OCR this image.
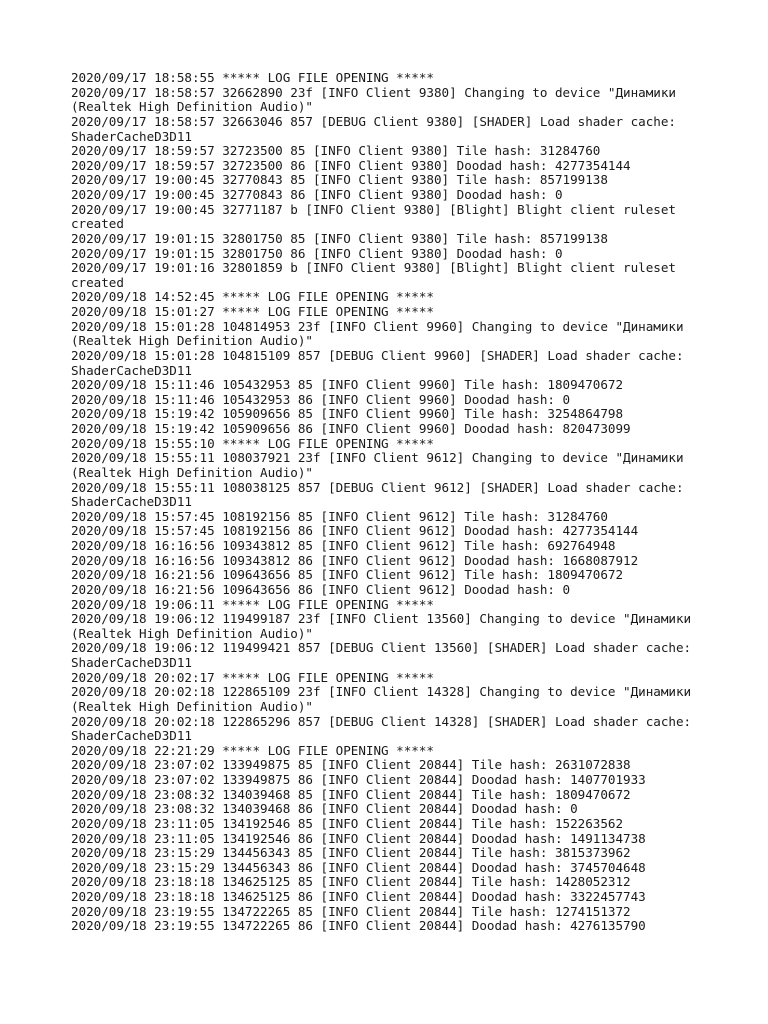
2020/09/17 18:58:55 ***** LOG FILE OPENING *****
2020/09/17 18:58:57 32662890 23f [INFO Client 9380] Changing to device "Динамики
(Realtek High Definition Audio)"
2020/09/17 18:58:57 32663046 857 [DEBUG Client 9380] [SHADER] Load shader cache:
ShaderCacheD3D11
2020/09/17 18:59:57 32723500 85 [INFO Client 9380] Tile hash: 31284760
2020/09/17 18:59:57 32723500 86 [INFO Client 9380] Doodad hash: 4277354144
2020/09/17 19:00:45 32770843 85 [INFO Client 9380] Tile hash: 857199138
2020/09/17 19:00:45 32770843 86 [INFO Client 9380] Doodad hash: 0
2020/09/17 19:00:45 32771187 b [INFO Client 9380] [Blight] Blight client ruleset
created
2020/09/17 19:01:15 32801750 85 [INFO Client 9380] Tile hash: 857199138
2020/09/17 19:01:15 32801750 86 [INFO Client 9380] Doodad hash: 0
2020/09/17 19:01:16 32801859 b [INFO Client 9380] [Blight] Blight client ruleset
created
2020/09/18 14:52:45 ***** LOG FILE OPENING *****
2020/09/18 15:01:27 ***** LOG FILE OPENING *****
2020/09/18 15:01:28 104814953 23f [INFO Client 9960] Changing to device "Динамики
(Realtek High Definition Audio)"
2020/09/18 15:01:28 104815109 857 [DEBUG Client 9960] [SHADER] Load shader cache:
ShaderCacheD3D11
2020/09/18 15:11:46 105432953 85 [INFO Client 9960] Tile hash: 1809470672
2020/09/18 15:11:46 105432953 86 [INFO Client 9960] Doodad hash: 0
2020/09/18 15:19:42 105909656 85 [INFO Client 9960] Tile hash: 3254864798
2020/09/18 15:19:42 105909656 86 [INFO Client 9960] Doodad hash: 820473099
2020/09/18 15:55:10 ***** LOG FILE OPENING *****
2020/09/18 15:55:11 108037921 23f [INFO Client 9612] Changing to device "Динамики
(Realtek High Definition Audio)"
2020/09/18 15:55:11 108038125 857 [DEBUG Client 9612] [SHADER] Load shader cache:
ShaderCacheD3D11
2020/09/18 15:57:45 108192156 85 [INFO Client 9612] Tile hash: 31284760
2020/09/18 15:57:45 108192156 86 [INFO Client 9612] Doodad hash: 4277354144
2020/09/18 16:16:56 109343812 85 [INFO Client 9612] Tile hash: 692764948
2020/09/18 16:16:56 109343812 86 [INFO Client 9612] Doodad hash: 1668087912
2020/09/18 16:21:56 109643656 85 [INFO Client 9612] Tile hash: 1809470672
2020/09/18 16:21:56 109643656 86 [INFO Client 9612] Doodad hash: 0
2020/09/18 19:06:11 ***** LOG FILE OPENING *****
2020/09/18 19:06:12 119499187 23f [INFO Client 13560] Changing to device "Динамики
(Realtek High Definition Audio)"
2020/09/18 19:06:12 119499421 857 [DEBUG Client 13560] [SHADER] Load shader cache:
ShaderCacheD3D11
2020/09/18 20:02:17 ***** LOG FILE OPENING *****
2020/09/18 20:02:18 122865109 23f [INFO Client 14328] Changing to device "Динамики
(Realtek High Definition Audio)"
2020/09/18 20:02:18 122865296 857 [DEBUG Client 14328] [SHADER] Load shader cache:
ShaderCacheD3D11
2020/09/18 22:21:29 ***** LOG FILE OPENING *****
2020/09/18 23:07:02 133949875 85 [INFO Client 20844] Tile hash: 2631072838
2020/09/18 23:07:02 133949875 86 [INFO Client 20844] Doodad hash: 1407701933
2020/09/18 23:08:32 134039468 85 [INFO Client 20844] Tile hash: 1809470672
2020/09/18 23:08:32 134039468 86 [INFO Client 20844] Doodad hash: 0
2020/09/18 23:11:05 134192546 85 [INFO Client 20844] Tile hash: 152263562
2020/09/18 23:11:05 134192546 86 [INFO Client 20844] Doodad hash: 1491134738
2020/09/18 23:15:29 134456343 85 [INFO Client 20844] Tile hash: 3815373962
2020/09/18 23:15:29 134456343 86 [INFO Client 20844] Doodad hash: 3745704648
2020/09/18 23:18:18 134625125 85 [INFO Client 20844] Tile hash: 1428052312
2020/09/18 23:18:18 134625125 86 [INFO Client 20844] Doodad hash: 3322457743
2020/09/18 23:19:55 134722265 85 [INFO Client 20844] Tile hash: 1274151372
2020/09/18 23:19:55 134722265 86 [INFO Client 20844] Doodad hash: 4276135790
